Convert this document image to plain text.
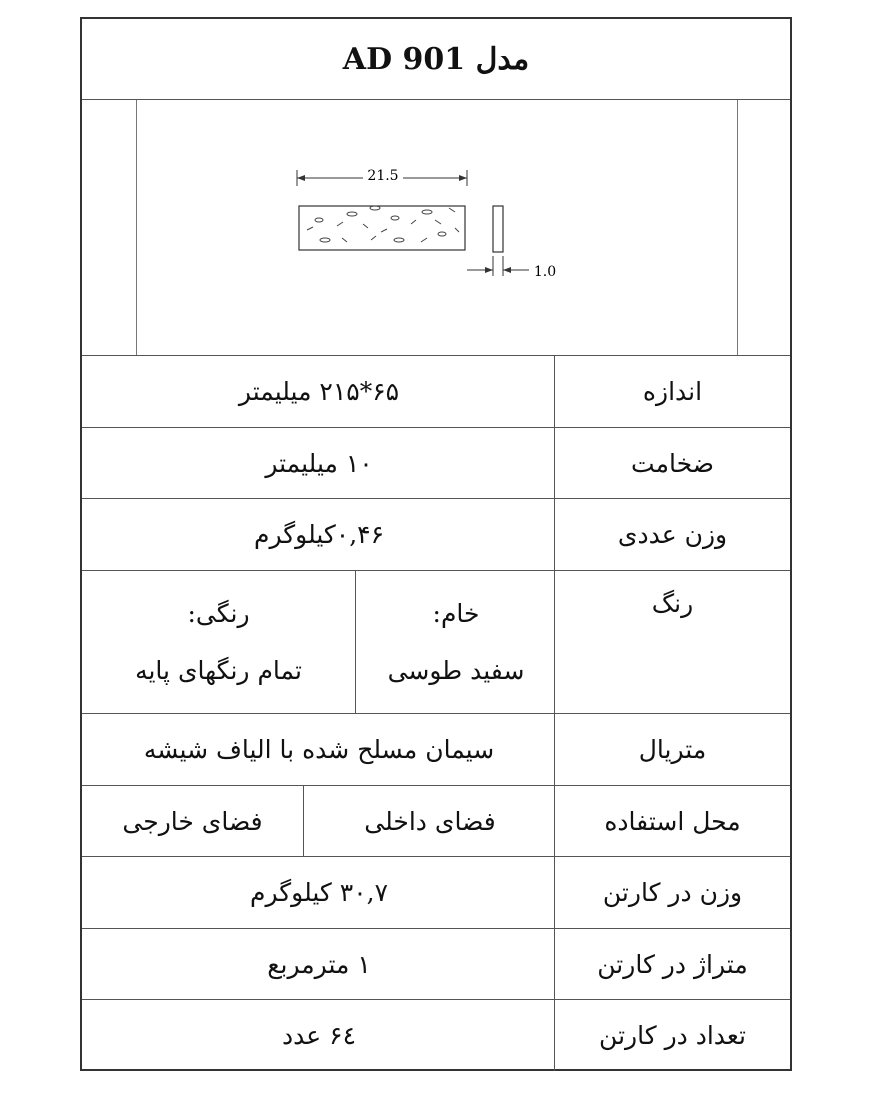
مدل AD 901
21.5
1.0
اندازه
۶۵*۲۱۵ میلیمتر
ضخامت
۱۰ میلیمتر
وزن عددی
۰,۴۶کیلوگرم
رنگ
خام:
سفید طوسی
رنگی:
تمام رنگهای پایه
متریال
سیمان مسلح شده با الیاف شیشه
محل استفاده
فضای داخلی
فضای خارجی
وزن در کارتن
۳۰,۷ کیلوگرم
متراژ در کارتن
۱ مترمربع
تعداد در کارتن
۶٤ عدد
